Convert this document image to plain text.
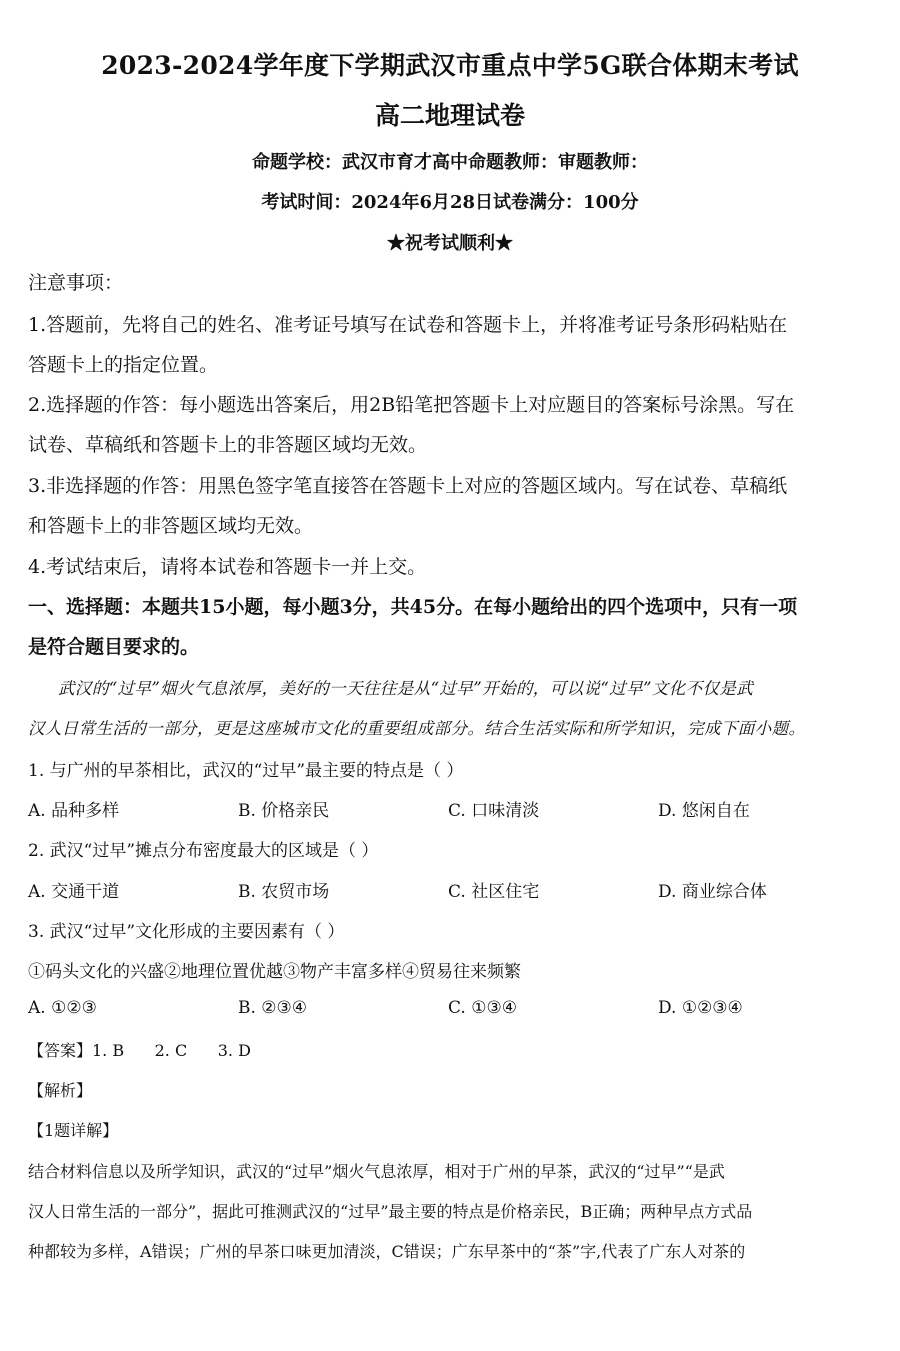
2023-2024学年度下学期武汉市重点中学5G联合体期末考试
高二地理试卷
命题学校：武汉市育才高中命题教师：审题教师：
考试时间：2024年6月28日试卷满分：100分
★祝考试顺利★
注意事项：
1.答题前，先将自己的姓名、准考证号填写在试卷和答题卡上，并将准考证号条形码粘贴在
答题卡上的指定位置。
2.选择题的作答：每小题选出答案后，用2B铅笔把答题卡上对应题目的答案标号涂黑。写在
试卷、草稿纸和答题卡上的非答题区域均无效。
3.非选择题的作答：用黑色签字笔直接答在答题卡上对应的答题区域内。写在试卷、草稿纸
和答题卡上的非答题区域均无效。
4.考试结束后，请将本试卷和答题卡一并上交。
一、选择题：本题共15小题，每小题3分，共45分。在每小题给出的四个选项中，只有一项
是符合题目要求的。
武汉的“过早”烟火气息浓厚，美好的一天往往是从“过早”开始的，可以说“过早”文化不仅是武
汉人日常生活的一部分，更是这座城市文化的重要组成部分。结合生活实际和所学知识，完成下面小题。
1. 与广州的早茶相比，武汉的“过早”最主要的特点是（ ）
A. 品种多样	B. 价格亲民	C. 口味清淡	D. 悠闲自在
2. 武汉“过早”摊点分布密度最大的区域是（ ）
A. 交通干道	B. 农贸市场	C. 社区住宅	D. 商业综合体
3. 武汉“过早”文化形成的主要因素有（ ）
①码头文化的兴盛②地理位置优越③物产丰富多样④贸易往来频繁
A. ①②③	B. ②③④	C. ①③④	D. ①②③④
【答案】1. B      2. C      3. D
【解析】
【1题详解】
结合材料信息以及所学知识，武汉的“过早”烟火气息浓厚，相对于广州的早茶，武汉的“过早”“是武
汉人日常生活的一部分”，据此可推测武汉的“过早”最主要的特点是价格亲民，B正确；两种早点方式品
种都较为多样，A错误；广州的早茶口味更加清淡，C错误；广东早茶中的“茶”字,代表了广东人对茶的
